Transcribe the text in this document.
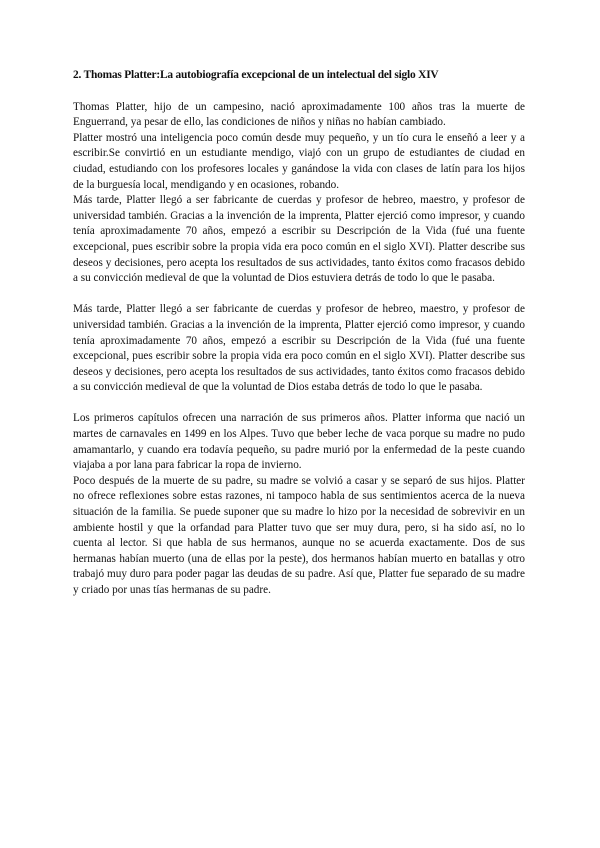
2. Thomas Platter:La autobiografía excepcional de un intelectual del siglo XIV

Thomas Platter, hijo de un campesino, nació aproximadamente 100 años tras la muerte de Enguerrand, ya pesar de ello, las condiciones de niños y niñas no habían cambiado.

Platter mostró una inteligencia poco común desde muy pequeño, y un tío cura le enseñó a leer y a escribir.Se convirtió en un estudiante mendigo, viajó con un grupo de estudiantes de ciudad en ciudad, estudiando con los profesores locales y ganándose la vida con clases de latín para los hijos de la burguesía local, mendigando y en ocasiones, robando.

Más tarde, Platter llegó a ser fabricante de cuerdas y profesor de hebreo, maestro, y profesor de universidad también. Gracias a la invención de la imprenta, Platter ejerció como impresor, y cuando tenía aproximadamente 70 años, empezó a escribir su Descripción de la Vida (fué una fuente excepcional, pues escribir sobre la propia vida era poco común en el siglo XVI). Platter describe sus deseos y decisiones, pero acepta los resultados de sus actividades, tanto éxitos como fracasos debido a su convicción medieval de que la voluntad de Dios estuviera detrás de todo lo que le pasaba.

Más tarde, Platter llegó a ser fabricante de cuerdas y profesor de hebreo, maestro, y profesor de universidad también. Gracias a la invención de la imprenta, Platter ejerció como impresor, y cuando tenía aproximadamente 70 años, empezó a escribir su Descripción de la Vida (fué una fuente excepcional, pues escribir sobre la propia vida era poco común en el siglo XVI). Platter describe sus deseos y decisiones, pero acepta los resultados de sus actividades, tanto éxitos como fracasos debido a su convicción medieval de que la voluntad de Dios estaba detrás de todo lo que le pasaba.

Los primeros capítulos ofrecen una narración de sus primeros años. Platter informa que nació un martes de carnavales en 1499 en los Alpes. Tuvo que beber leche de vaca porque su madre no pudo amamantarlo, y cuando era todavía pequeño, su padre murió por la enfermedad de la peste cuando viajaba a por lana para fabricar la ropa de invierno.

Poco después de la muerte de su padre, su madre se volvió a casar y se separó de sus hijos. Platter no ofrece reflexiones sobre estas razones, ni tampoco habla de sus sentimientos acerca de la nueva situación de la familia. Se puede suponer que su madre lo hizo por la necesidad de sobrevivir en un ambiente hostil y que la orfandad para Platter tuvo que ser muy dura, pero, si ha sido así, no lo cuenta al lector. Si que habla de sus hermanos, aunque no se acuerda exactamente. Dos de sus hermanas habían muerto (una de ellas por la peste), dos hermanos habían muerto en batallas y otro trabajó muy duro para poder pagar las deudas de su padre. Así que, Platter fue separado de su madre y criado por unas tías hermanas de su padre.
